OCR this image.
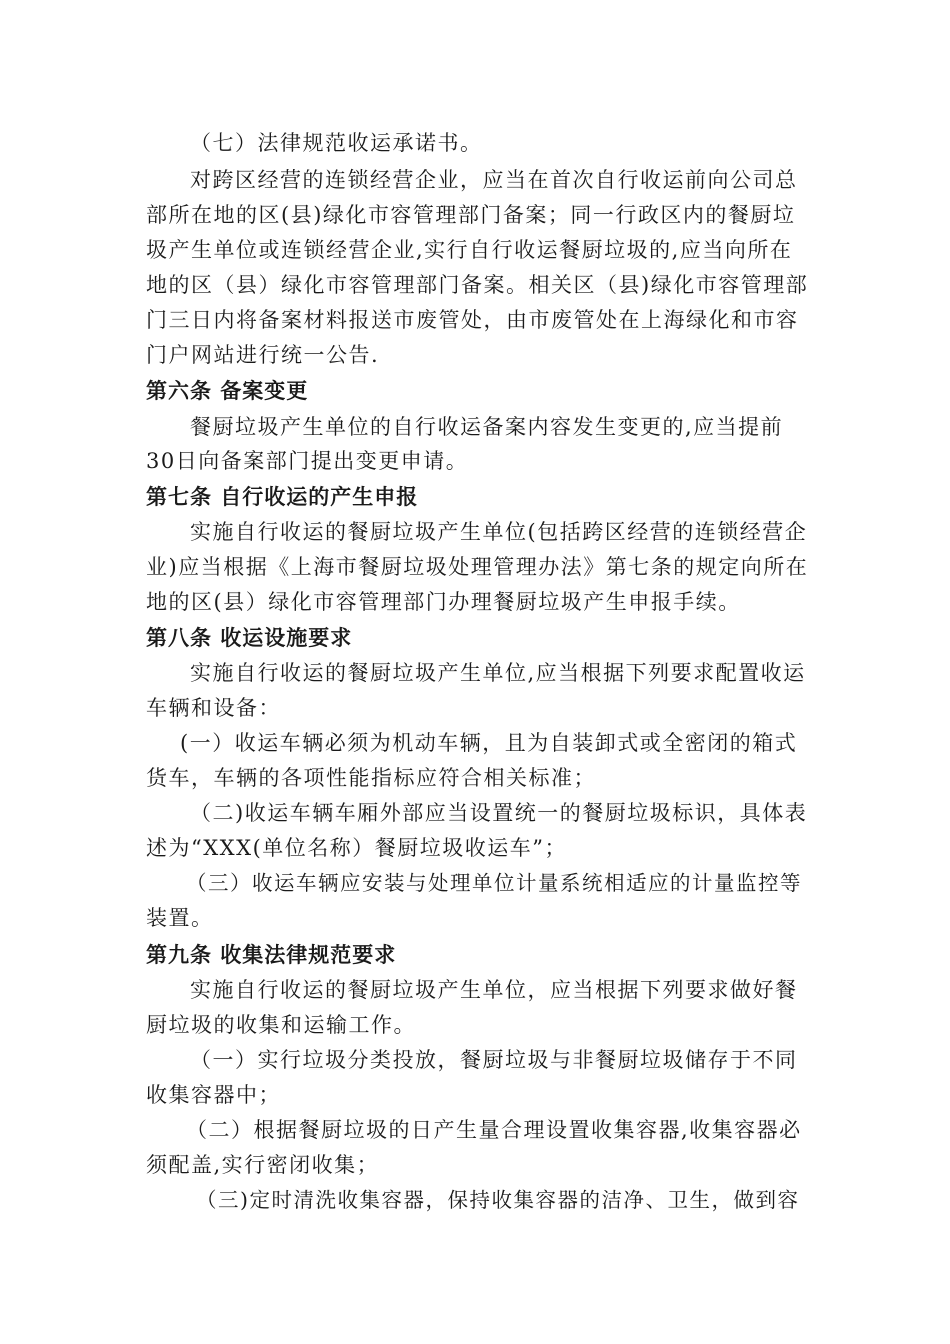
（七）法律规范收运承诺书。
对跨区经营的连锁经营企业，应当在首次自行收运前向公司总
部所在地的区(县)绿化市容管理部门备案；同一行政区内的餐厨垃
圾产生单位或连锁经营企业,实行自行收运餐厨垃圾的,应当向所在
地的区（县）绿化市容管理部门备案。相关区（县)绿化市容管理部
门三日内将备案材料报送市废管处，由市废管处在上海绿化和市容
门户网站进行统一公告.
第六条 备案变更
餐厨垃圾产生单位的自行收运备案内容发生变更的,应当提前
30日向备案部门提出变更申请。
第七条 自行收运的产生申报
实施自行收运的餐厨垃圾产生单位(包括跨区经营的连锁经营企
业)应当根据《上海市餐厨垃圾处理管理办法》第七条的规定向所在
地的区(县）绿化市容管理部门办理餐厨垃圾产生申报手续。
第八条 收运设施要求
实施自行收运的餐厨垃圾产生单位,应当根据下列要求配置收运
车辆和设备：
(一）收运车辆必须为机动车辆，且为自装卸式或全密闭的箱式
货车，车辆的各项性能指标应符合相关标准；
（二)收运车辆车厢外部应当设置统一的餐厨垃圾标识，具体表
述为“XXX(单位名称）餐厨垃圾收运车”；
（三）收运车辆应安装与处理单位计量系统相适应的计量监控等
装置。
第九条 收集法律规范要求
实施自行收运的餐厨垃圾产生单位，应当根据下列要求做好餐
厨垃圾的收集和运输工作。
（一）实行垃圾分类投放，餐厨垃圾与非餐厨垃圾储存于不同
收集容器中；
（二）根据餐厨垃圾的日产生量合理设置收集容器,收集容器必
须配盖,实行密闭收集；
（三)定时清洗收集容器，保持收集容器的洁净、卫生，做到容
